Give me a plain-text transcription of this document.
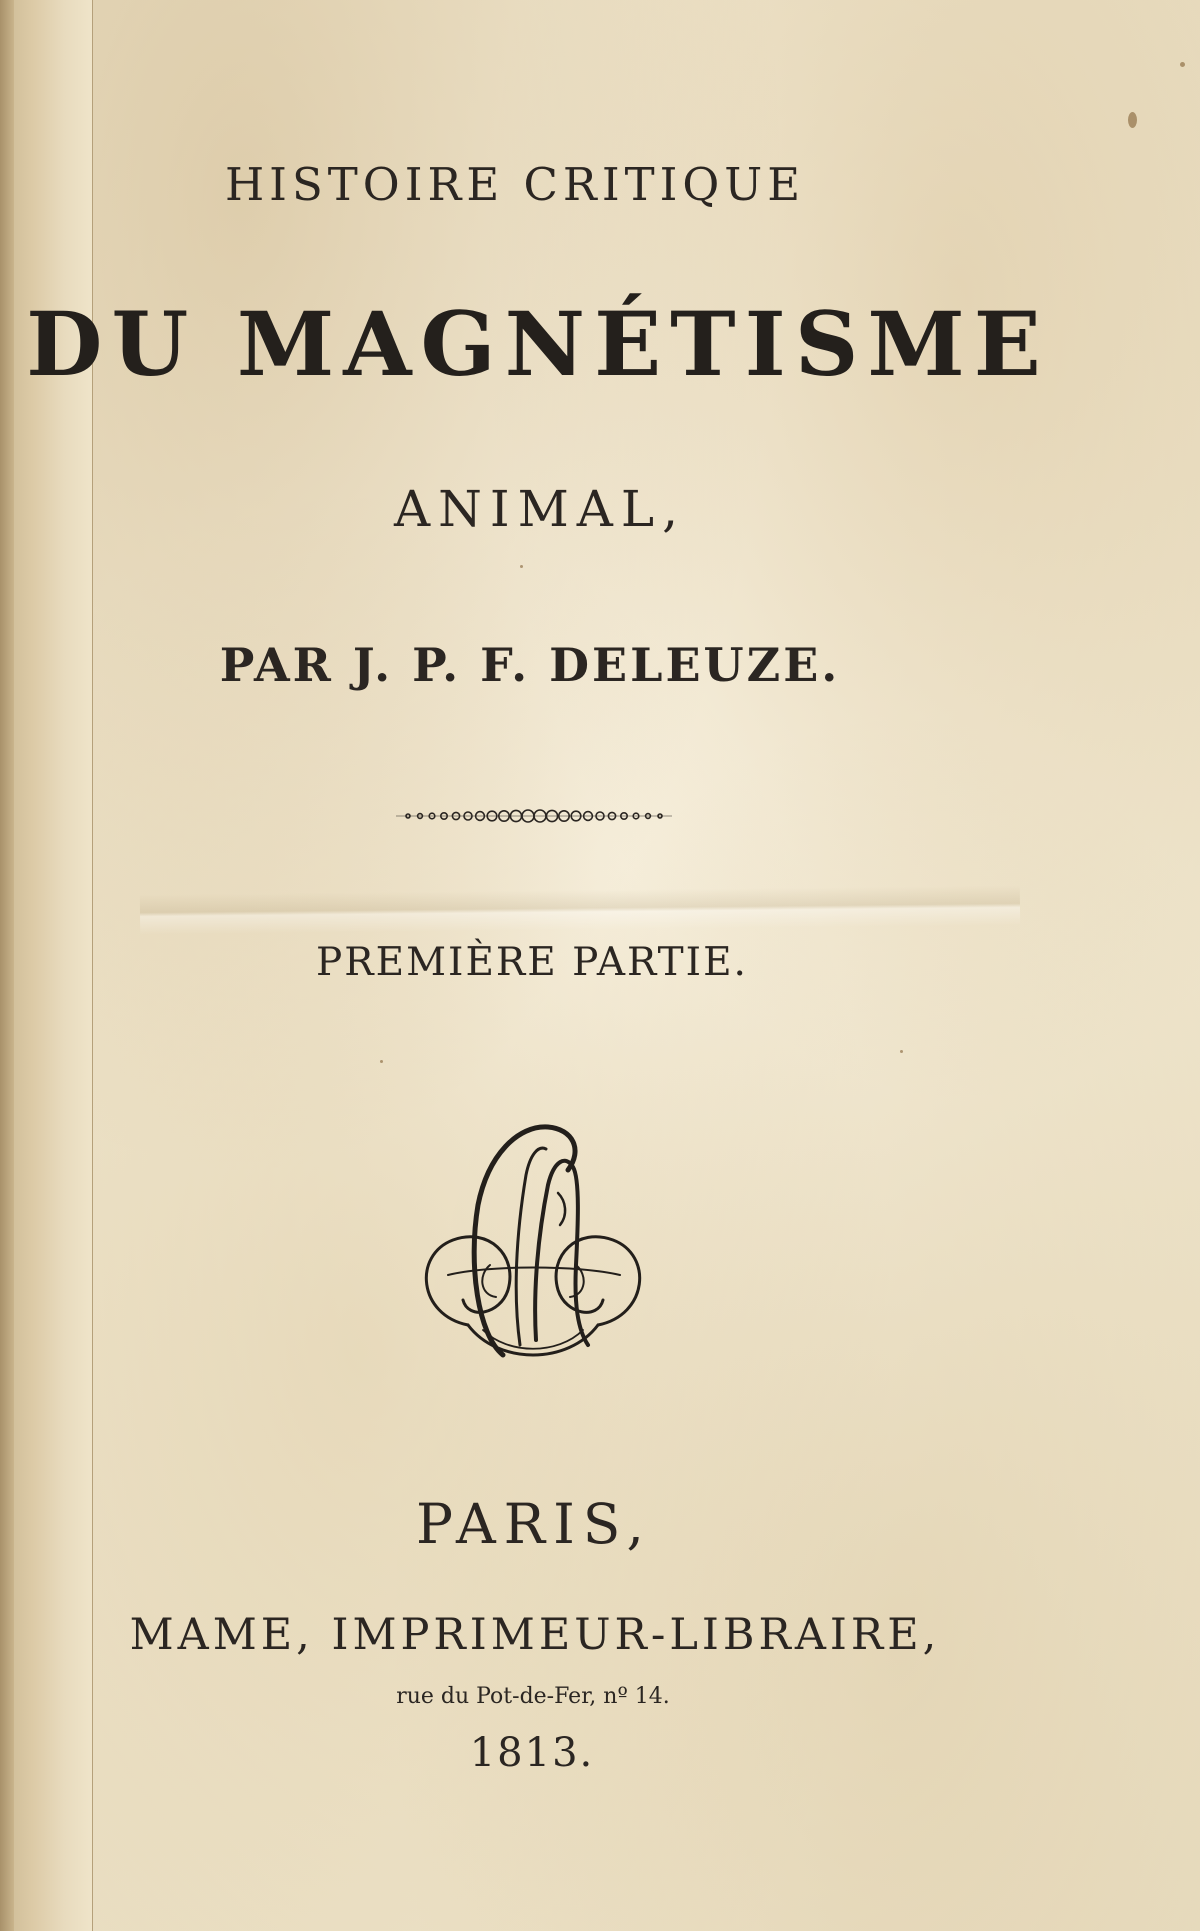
HISTOIRE CRITIQUE
DU MAGNÉTISME
ANIMAL,
PAR J. P. F. DELEUZE.
PREMIÈRE PARTIE.
PARIS,
MAME, IMPRIMEUR-LIBRAIRE,
rue du Pot-de-Fer, nº 14.
1813.
